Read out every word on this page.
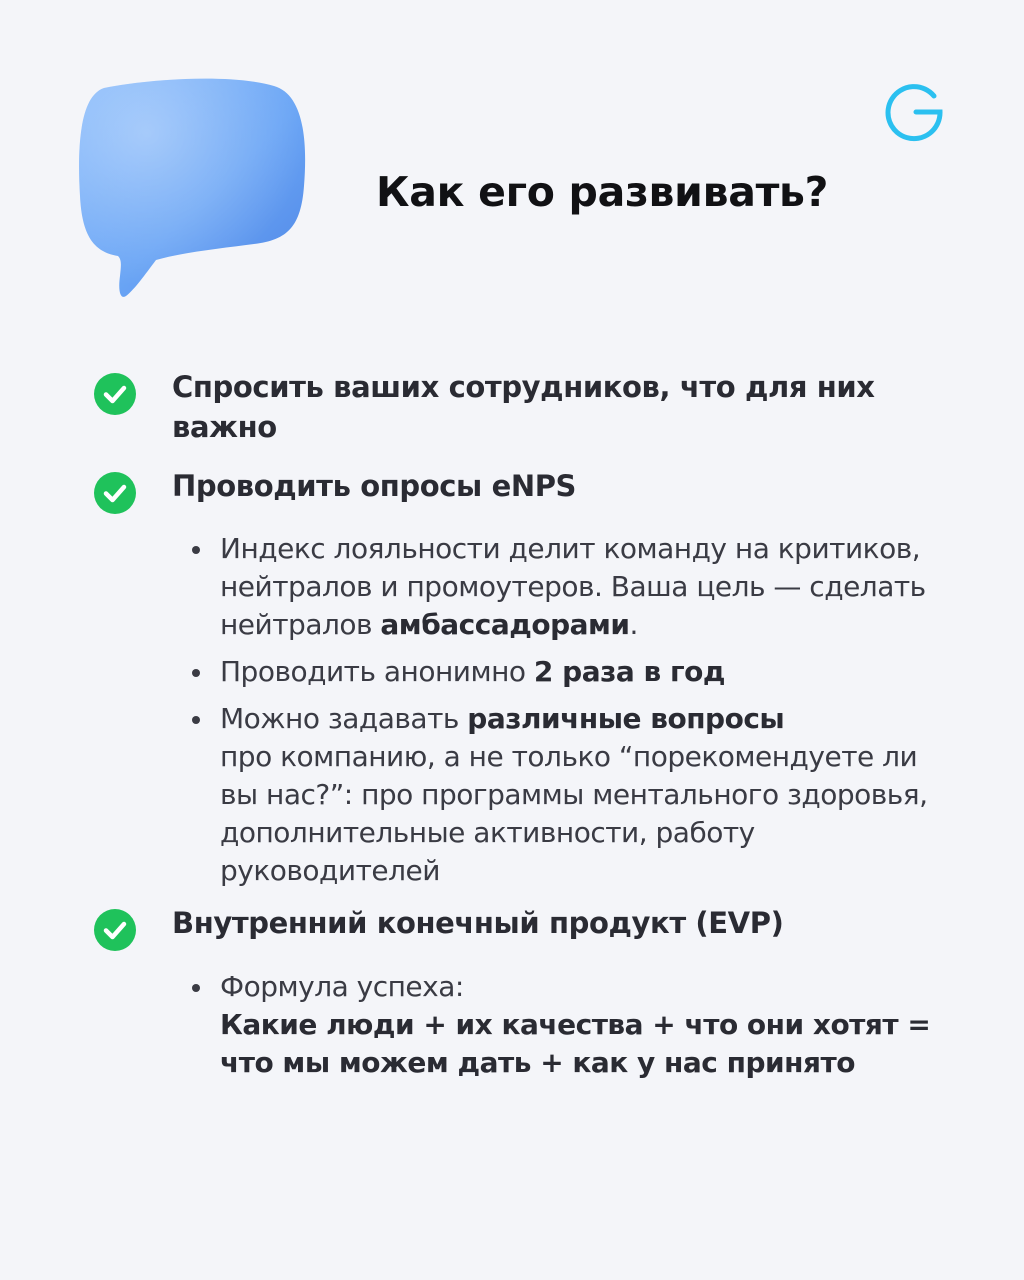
Как его развивать?
Спросить ваших сотрудников, что для них важно
Проводить опросы eNPS
Индекс лояльности делит команду на критиков, нейтралов и промоутеров. Ваша цель — сделать нейтралов амбассадорами.
Проводить анонимно 2 раза в год
Можно задавать различные вопросы
про компанию, а не только “порекомендуете ли вы нас?”: про программы ментального здоровья, дополнительные активности, работу руководителей
Внутренний конечный продукт (EVP)
Формула успеха:
Какие люди + их качества + что они хотят = что мы можем дать + как у нас принято
